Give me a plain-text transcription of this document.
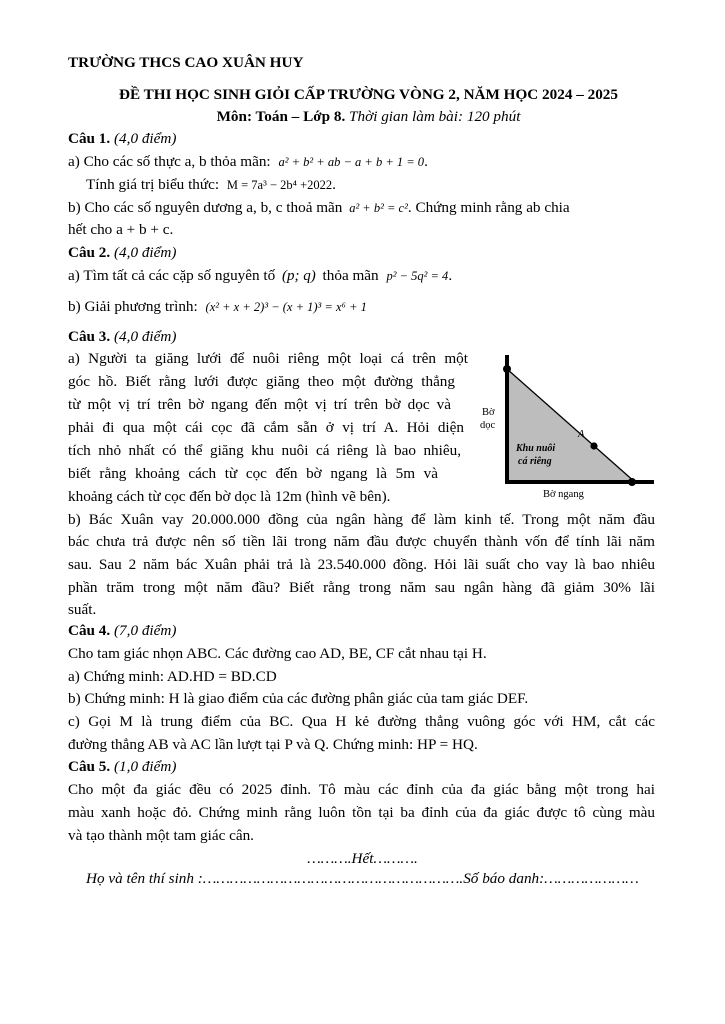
TRƯỜNG THCS CAO XUÂN HUY
ĐỀ THI HỌC SINH GIỎI CẤP TRƯỜNG VÒNG 2, NĂM HỌC 2024 – 2025
Môn: Toán – Lớp 8. Thời gian làm bài: 120 phút
Câu 1. (4,0 điểm)
a) Cho các số thực a, b thỏa mãn: a² + b² + ab − a + b + 1 = 0.
Tính giá trị biểu thức: M = 7a³ − 2b⁴ +2022.
b) Cho các số nguyên dương a, b, c thoả mãn a² + b² = c². Chứng minh rằng ab chia
hết cho a + b + c.
Câu 2. (4,0 điểm)
a) Tìm tất cả các cặp số nguyên tố (p; q) thỏa mãn p² − 5q² = 4.
b) Giải phương trình: (x² + x + 2)³ − (x + 1)³ = x⁶ + 1
Câu 3. (4,0 điểm)
a) Người ta giăng lưới để nuôi riêng một loại cá trên một
góc hồ. Biết rằng lưới được giăng theo một đường thẳng
từ một vị trí trên bờ ngang đến một vị trí trên bờ dọc và
phải đi qua một cái cọc đã cắm sẵn ở vị trí A. Hỏi diện
tích nhỏ nhất có thể giăng khu nuôi cá riêng là bao nhiêu,
biết rằng khoảng cách từ cọc đến bờ ngang là 5m và
khoảng cách từ cọc đến bờ dọc là 12m (hình vẽ bên).
Bờ
dọc
Khu nuôi
cá riêng
A
Bờ ngang
b) Bác Xuân vay 20.000.000 đồng của ngân hàng để làm kinh tế. Trong một năm đầu
bác chưa trả được nên số tiền lãi trong năm đầu được chuyển thành vốn để tính lãi năm
sau. Sau 2 năm bác Xuân phải trả là 23.540.000 đồng. Hỏi lãi suất cho vay là bao nhiêu
phần trăm trong một năm đầu? Biết rằng trong năm sau ngân hàng đã giảm 30% lãi
suất.
Câu 4. (7,0 điểm)
Cho tam giác nhọn ABC. Các đường cao AD, BE, CF cắt nhau tại H.
a) Chứng minh: AD.HD = BD.CD
b) Chứng minh: H là giao điểm của các đường phân giác của tam giác DEF.
c) Gọi M là trung điểm của BC. Qua H kẻ đường thẳng vuông góc với HM, cắt các
đường thẳng AB và AC lần lượt tại P và Q. Chứng minh: HP = HQ.
Câu 5. (1,0 điểm)
Cho một đa giác đều có 2025 đỉnh. Tô màu các đỉnh của đa giác bằng một trong hai
màu xanh hoặc đỏ. Chứng minh rằng luôn tồn tại ba đỉnh của đa giác được tô cùng màu
và tạo thành một tam giác cân.
……….Hết……….
Họ và tên thí sinh :………………………………………………….Số báo danh:…………………
